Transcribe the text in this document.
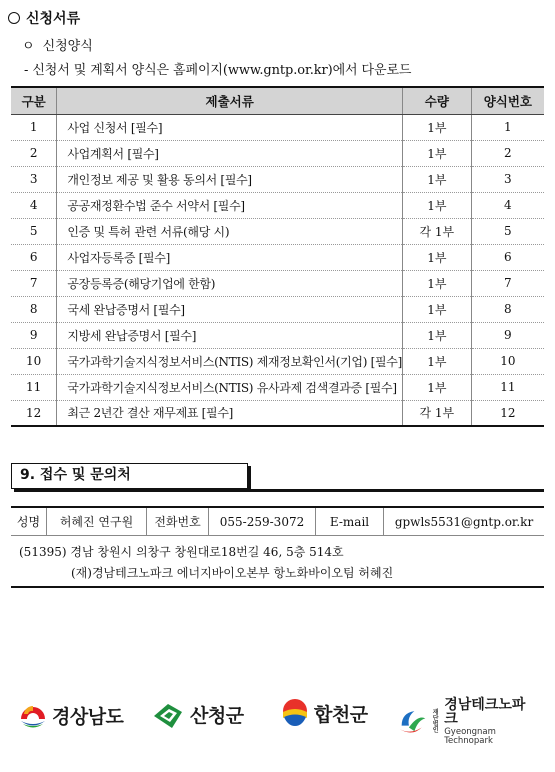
신청서류
ㅇ 신청양식
- 신청서 및 계획서 양식은 홈페이지(www.gntp.or.kr)에서 다운로드
구분	제출서류	수량	양식번호
1	사업 신청서 [필수]	1부	1
2	사업계획서 [필수]	1부	2
3	개인정보 제공 및 활용 동의서 [필수]	1부	3
4	공공재정환수법 준수 서약서 [필수]	1부	4
5	인증 및 특허 관련 서류(해당 시)	각 1부	5
6	사업자등록증 [필수]	1부	6
7	공장등록증(해당기업에 한함)	1부	7
8	국세 완납증명서 [필수]	1부	8
9	지방세 완납증명서 [필수]	1부	9
10	국가과학기술지식정보서비스(NTIS) 제재정보확인서(기업) [필수]	1부	10
11	국가과학기술지식정보서비스(NTIS) 유사과제 검색결과증 [필수]	1부	11
12	최근 2년간 결산 재무제표 [필수]	각 1부	12
9. 접수 및 문의처
성명	허혜진 연구원	전화번호	055-259-3072	E-mail	gpwls5531@gntp.or.kr
(51395) 경남 창원시 의창구 창원대로18번길 46, 5층 514호
(재)경남테크노파크 에너지바이오본부 항노화바이오팀 허혜진
경상남도	산청군	합천군	재단법인
경남테크노파크
Gyeongnam Technopark
